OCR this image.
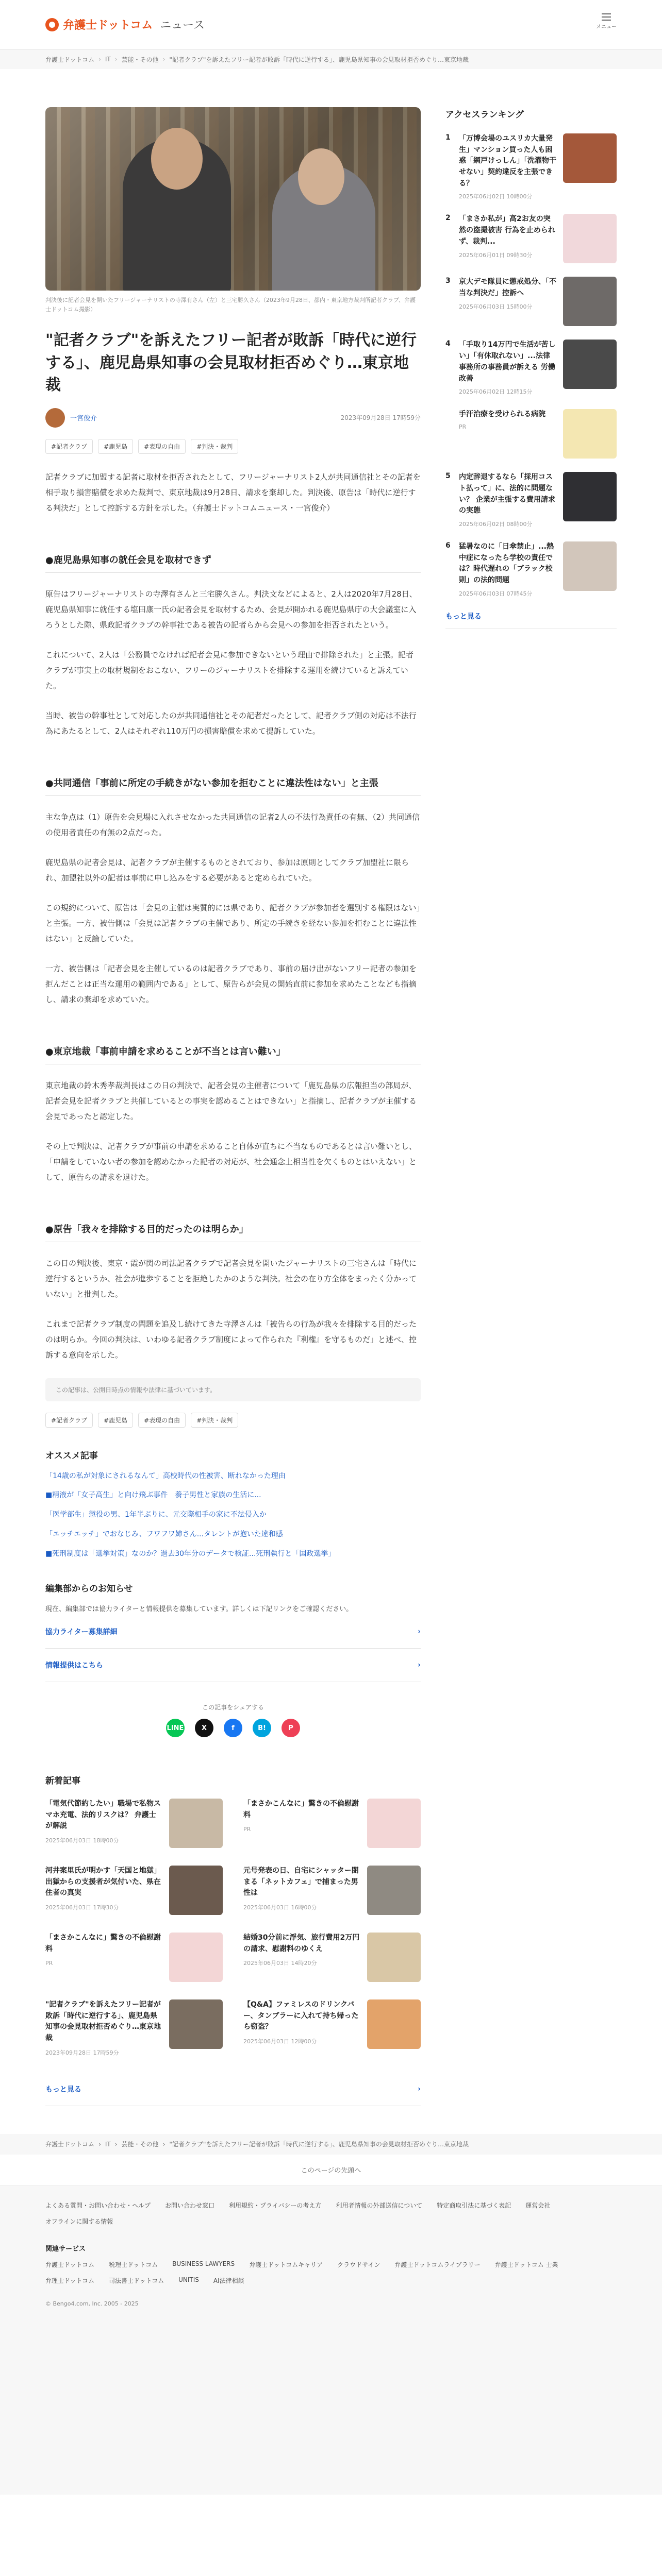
弁護士ドットコム ニュース	メニュー
弁護士ドットコム › IT › 芸能・その他 › "記者クラブ"を訴えたフリー記者が敗訴「時代に逆行する」、鹿児島県知事の会見取材拒否めぐり…東京地裁

判決後に記者会見を開いたフリージャーナリストの寺澤有さん（左）と三宅勝久さん（2023年9月28日、都内・東京地方裁判所記者クラブ、弁護士ドットコム撮影）

"記者クラブ"を訴えたフリー記者が敗訴「時代に逆行する」、鹿児島県知事の会見取材拒否めぐり…東京地裁
一宮俊介	2023年09月28日 17時59分
#記者クラブ	#鹿児島	#表現の自由	#判決・裁判

記者クラブに加盟する記者に取材を拒否されたとして、フリージャーナリスト2人が共同通信社とその記者を相手取り損害賠償を求めた裁判で、東京地裁は9月28日、請求を棄却した。判決後、原告は「時代に逆行する判決だ」として控訴する方針を示した。（弁護士ドットコムニュース・一宮俊介）

●鹿児島県知事の就任会見を取材できず

原告はフリージャーナリストの寺澤有さんと三宅勝久さん。判決文などによると、2人は2020年7月28日、鹿児島県知事に就任する塩田康一氏の記者会見を取材するため、会見が開かれる鹿児島県庁の大会議室に入ろうとした際、県政記者クラブの幹事社である被告の記者らから会見への参加を拒否されたという。

これについて、2人は「公務員でなければ記者会見に参加できないという理由で排除された」と主張。記者クラブが事実上の取材規制をおこない、フリーのジャーナリストを排除する運用を続けていると訴えていた。

当時、被告の幹事社として対応したのが共同通信社とその記者だったとして、記者クラブ側の対応は不法行為にあたるとして、2人はそれぞれ110万円の損害賠償を求めて提訴していた。

●共同通信「事前に所定の手続きがない参加を拒むことに違法性はない」と主張

主な争点は（1）原告を会見場に入れさせなかった共同通信の記者2人の不法行為責任の有無、（2）共同通信の使用者責任の有無の2点だった。

鹿児島県の記者会見は、記者クラブが主催するものとされており、参加は原則としてクラブ加盟社に限られ、加盟社以外の記者は事前に申し込みをする必要があると定められていた。

この規約について、原告は「会見の主催は実質的には県であり、記者クラブが参加者を選別する権限はない」と主張。一方、被告側は「会見は記者クラブの主催であり、所定の手続きを経ない参加を拒むことに違法性はない」と反論していた。

一方、被告側は「記者会見を主催しているのは記者クラブであり、事前の届け出がないフリー記者の参加を拒んだことは正当な運用の範囲内である」として、原告らが会見の開始直前に参加を求めたことなども指摘し、請求の棄却を求めていた。

●東京地裁「事前申請を求めることが不当とは言い難い」

東京地裁の鈴木秀孝裁判長はこの日の判決で、記者会見の主催者について「鹿児島県の広報担当の部局が、記者会見を記者クラブと共催しているとの事実を認めることはできない」と指摘し、記者クラブが主催する会見であったと認定した。

その上で判決は、記者クラブが事前の申請を求めること自体が直ちに不当なものであるとは言い難いとし、「申請をしていない者の参加を認めなかった記者の対応が、社会通念上相当性を欠くものとはいえない」として、原告らの請求を退けた。

●原告「我々を排除する目的だったのは明らか」

この日の判決後、東京・霞が関の司法記者クラブで記者会見を開いたジャーナリストの三宅さんは「時代に逆行するというか、社会が進歩することを拒絶したかのような判決。社会の在り方全体をまったく分かっていない」と批判した。

これまで記者クラブ制度の問題を追及し続けてきた寺澤さんは「被告らの行為が我々を排除する目的だったのは明らか。今回の判決は、いわゆる記者クラブ制度によって作られた『利権』を守るものだ」と述べ、控訴する意向を示した。

この記事は、公開日時点の情報や法律に基づいています。
#記者クラブ	#鹿児島	#表現の自由	#判決・裁判
オススメ記事
「14歳の私が対象にされるなんて」高校時代の性被害、断れなかった理由
■精液が「女子高生」と向け飛ぶ事件　養子男性と家族の生活に...
「医学部生」懲役の男、1年半ぶりに、元交際相手の家に不法侵入か
「エッチエッチ」でおなじみ、フワフワ姉さん...タレントが抱いた違和感
■死刑制度は「選挙対策」なのか？過去30年分のデータで検証...死刑執行と「国政選挙」
編集部からのお知らせ

現在、編集部では協力ライターと情報提供を募集しています。詳しくは下記リンクをご確認ください。

協力ライター募集詳細	›
情報提供はこちら	›

この記事をシェアする

LINE	X	f	B!	P
新着記事
「電気代節約したい」職場で私物スマホ充電、法的リスクは？ 弁護士が解説
2025年06月03日 18時00分
「まさかこんなに」驚きの不倫慰謝料
PR
河井案里氏が明かす「天国と地獄」出獄からの支援者が気付いた、県在住者の真実
2025年06月03日 17時30分
元号発表の日、自宅にシャッター閉まる「ネットカフェ」で捕まった男性は
2025年06月03日 16時00分
「まさかこんなに」驚きの不倫慰謝料
PR
結婚30分前に浮気、旅行費用2万円の請求、慰謝料のゆくえ
2025年06月03日 14時20分
"記者クラブ"を訴えたフリー記者が敗訴「時代に逆行する」、鹿児島県知事の会見取材拒否めぐり…東京地裁
2023年09月28日 17時59分
【Q&A】ファミレスのドリンクバー、タンブラーに入れて持ち帰ったら窃盗？
2025年06月03日 12時00分
もっと見る	›
アクセスランキング
1	「万博会場のユスリカ大量発生」マンション買った人も困惑「網戸けっしん」「洗濯物干せない」契約違反を主張できる？
2025年06月02日 10時00分
2	「まさか私が」高2お友の突然の盗撮被害 行為を止められず、裁判...
2025年06月01日 09時30分
3	京大デモ隊員に懲戒処分、「不当な判決だ」控訴へ
2025年06月03日 15時00分
4	「手取り14万円で生活が苦しい」「有休取れない」...法律事務所の事務員が訴える 労働改善
2025年06月02日 12時15分
手汗治療を受けられる病院
PR
5	内定辞退するなら「採用コスト払って」に、法的に問題ない？ 企業が主張する費用請求の実態
2025年06月02日 08時00分
6	猛暑なのに「日傘禁止」...熱中症になったら学校の責任では？時代遅れの「ブラック校則」の法的問題
2025年06月03日 07時45分
もっと見る
弁護士ドットコム › IT › 芸能・その他 › "記者クラブ"を訴えたフリー記者が敗訴「時代に逆行する」、鹿児島県知事の会見取材拒否めぐり…東京地裁
このページの先頭へ
よくある質問・お問い合わせ・ヘルプ お問い合わせ窓口 利用規約・プライバシーの考え方 利用者情報の外部送信について 特定商取引法に基づく表記 運営会社
オフラインに関する情報

関連サービス

弁護士ドットコム 税理士ドットコム BUSINESS LAWYERS 弁護士ドットコムキャリア クラウドサイン 弁護士ドットコムライブラリー 弁護士ドットコム 士業
弁理士ドットコム 司法書士ドットコム UNITIS AI法律相談

© Bengo4.com, Inc. 2005 - 2025
